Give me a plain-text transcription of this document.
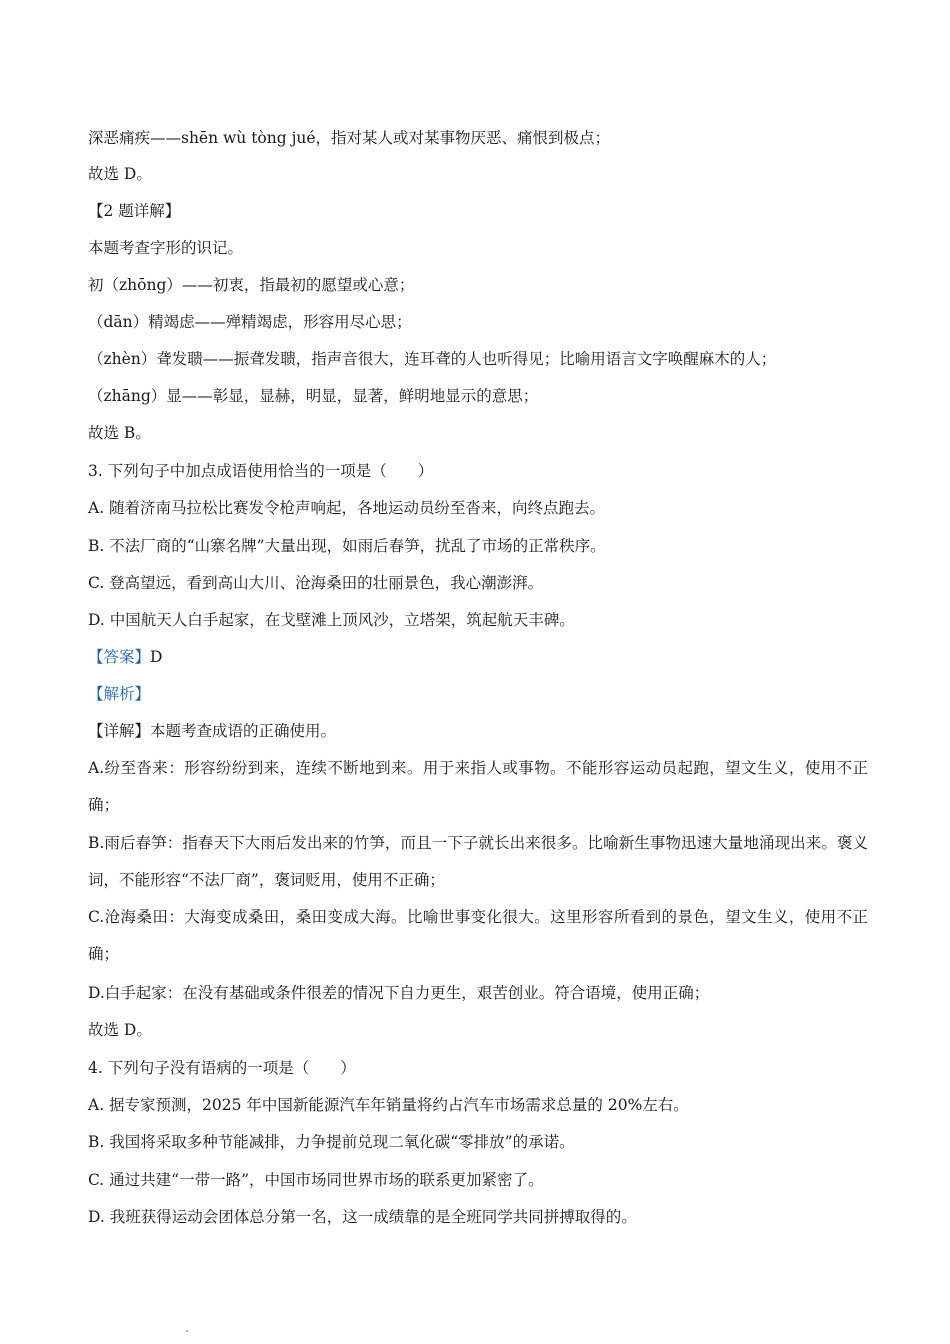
深恶痛疾——shēn wù tòng jué，指对某人或对某事物厌恶、痛恨到极点；
故选 D。
【2 题详解】
本题考查字形的识记。
初（zhōng）——初衷，指最初的愿望或心意；
（dān）精竭虑——殚精竭虑，形容用尽心思；
（zhèn）聋发聩——振聋发聩，指声音很大，连耳聋的人也听得见；比喻用语言文字唤醒麻木的人；
（zhāng）显——彰显，显赫，明显，显著，鲜明地显示的意思；
故选 B。
3. 下列句子中加点成语使用恰当的一项是（　　）
A. 随着济南马拉松比赛发令枪声响起，各地运动员纷至沓来，向终点跑去。
B. 不法厂商的“山寨名牌”大量出现，如雨后春笋，扰乱了市场的正常秩序。
C. 登高望远，看到高山大川、沧海桑田的壮丽景色，我心潮澎湃。
D. 中国航天人白手起家，在戈壁滩上顶风沙，立塔架，筑起航天丰碑。
【答案】D
【解析】
【详解】本题考查成语的正确使用。
A.纷至沓来：形容纷纷到来，连续不断地到来。用于来指人或事物。不能形容运动员起跑，望文生义，使用不正确；
B.雨后春笋：指春天下大雨后发出来的竹笋，而且一下子就长出来很多。比喻新生事物迅速大量地涌现出来。褒义词，不能形容“不法厂商”，褒词贬用，使用不正确；
C.沧海桑田：大海变成桑田，桑田变成大海。比喻世事变化很大。这里形容所看到的景色，望文生义，使用不正确；
D.白手起家：在没有基础或条件很差的情况下自力更生，艰苦创业。符合语境，使用正确；
故选 D。
4. 下列句子没有语病的一项是（　　）
A. 据专家预测，2025 年中国新能源汽车年销量将约占汽车市场需求总量的 20%左右。
B. 我国将采取多种节能减排，力争提前兑现二氧化碳“零排放”的承诺。
C. 通过共建“一带一路”，中国市场同世界市场的联系更加紧密了。
D. 我班获得运动会团体总分第一名，这一成绩靠的是全班同学共同拼搏取得的。
